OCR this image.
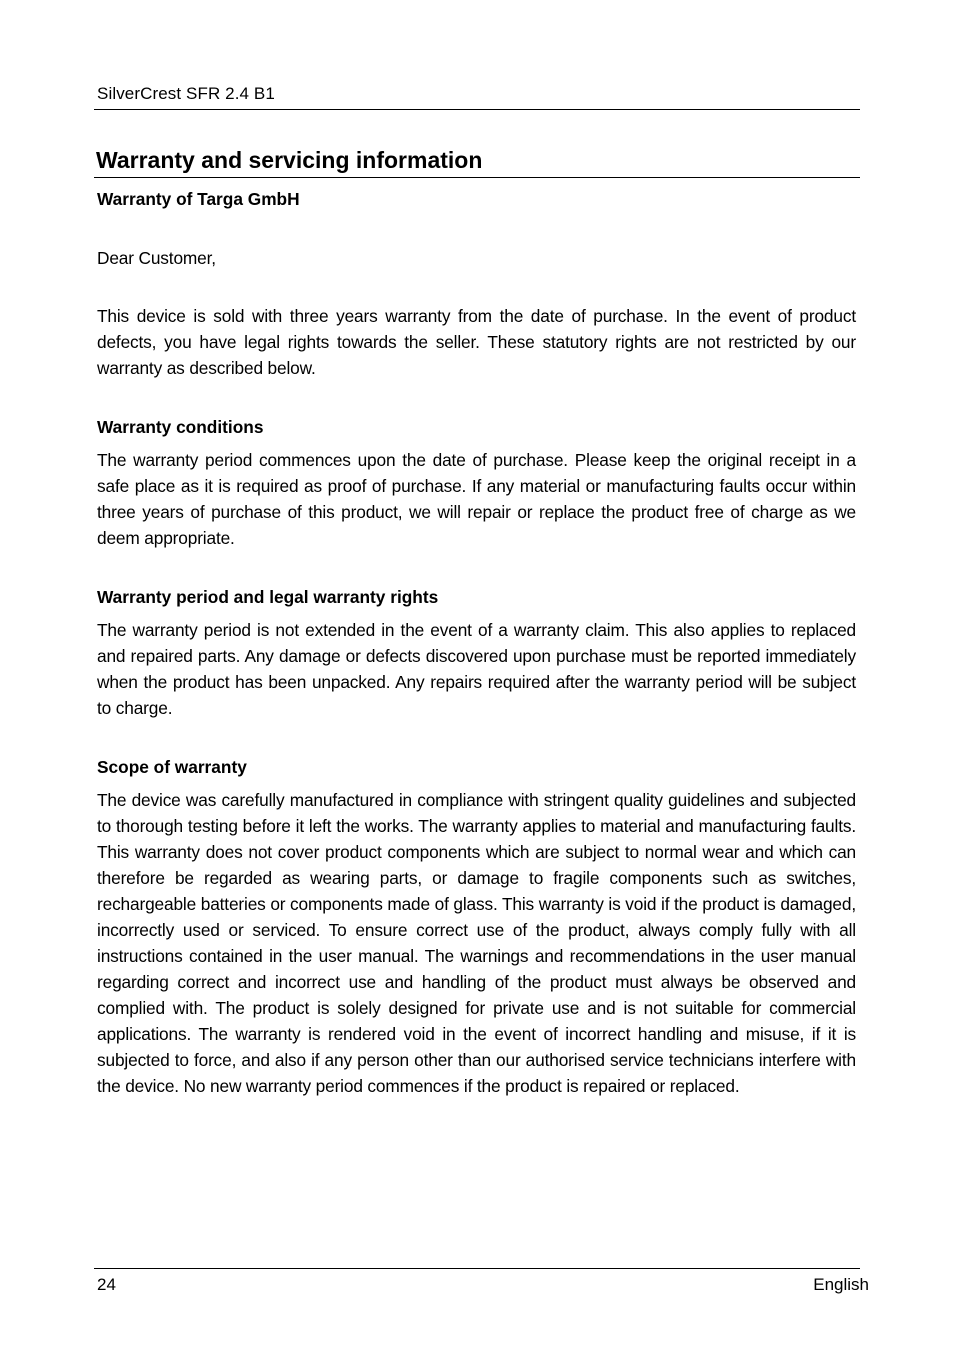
SilverCrest SFR 2.4 B1
Warranty and servicing information
Warranty of Targa GmbH

Dear Customer,

This device is sold with three years warranty from the date of purchase. In the event of product defects, you have legal rights towards the seller. These statutory rights are not restricted by our warranty as described below.

Warranty conditions

The warranty period commences upon the date of purchase. Please keep the original receipt in a safe place as it is required as proof of purchase. If any material or manufacturing faults occur within three years of purchase of this product, we will repair or replace the product free of charge as we deem appropriate.

Warranty period and legal warranty rights

The warranty period is not extended in the event of a warranty claim. This also applies to replaced and repaired parts. Any damage or defects discovered upon purchase must be reported immediately when the product has been unpacked. Any repairs required after the warranty period will be subject to charge.

Scope of warranty

The device was carefully manufactured in compliance with stringent quality guidelines and subjected to thorough testing before it left the works. The warranty applies to material and manufacturing faults. This warranty does not cover product components which are subject to normal wear and which can therefore be regarded as wearing parts, or damage to fragile components such as switches, rechargeable batteries or components made of glass. This warranty is void if the product is damaged, incorrectly used or serviced. To ensure correct use of the product, always comply fully with all instructions contained in the user manual. The warnings and recommendations in the user manual regarding correct and incorrect use and handling of the product must always be observed and complied with. The product is solely designed for private use and is not suitable for commercial applications. The warranty is rendered void in the event of incorrect handling and misuse, if it is subjected to force, and also if any person other than our authorised service technicians interfere with the device. No new warranty period commences if the product is repaired or replaced.

24	English
